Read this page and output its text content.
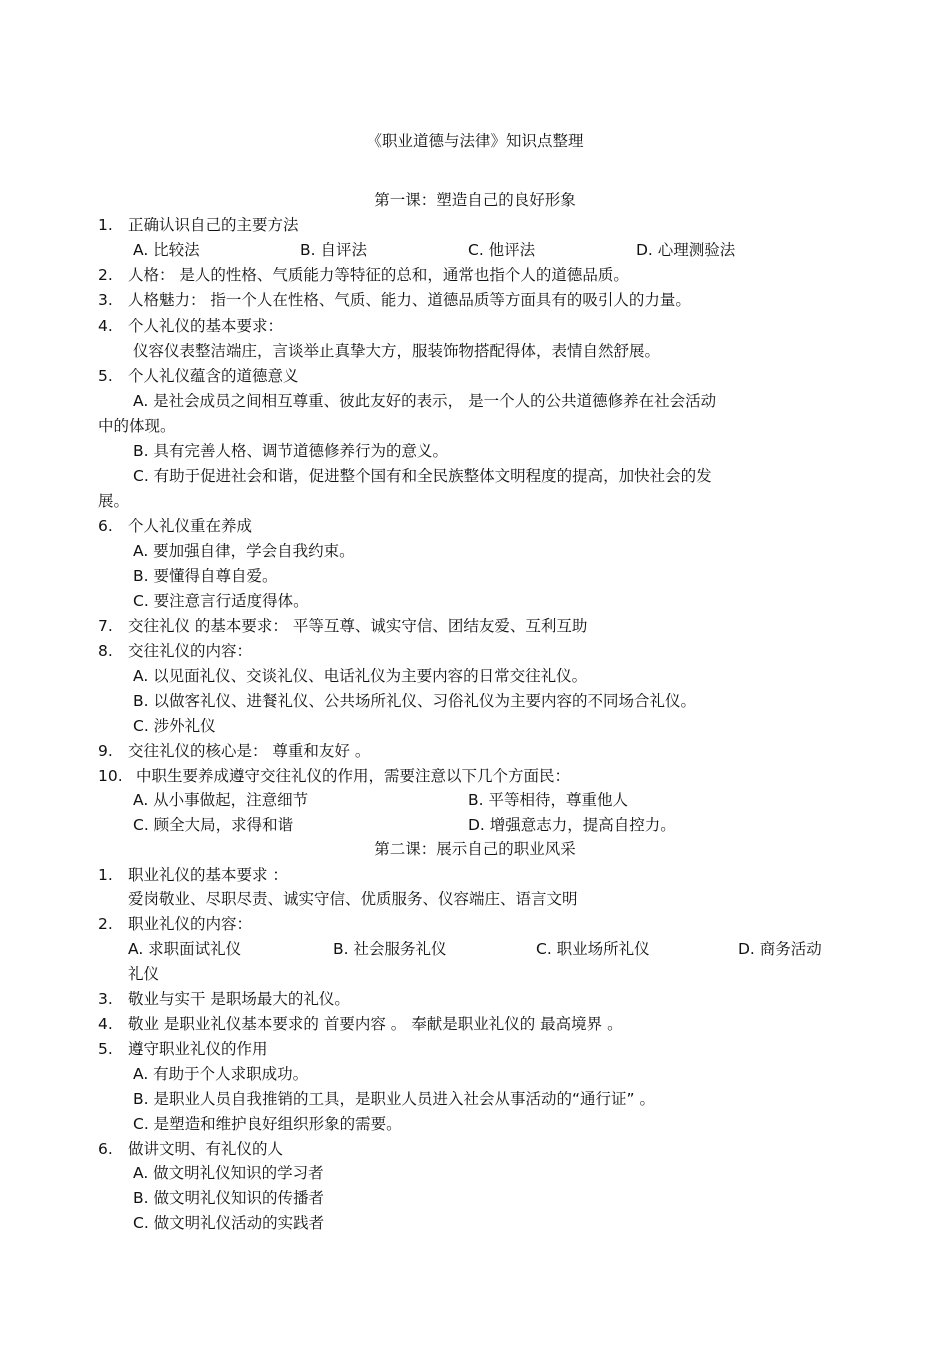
《职业道德与法律》知识点整理
第一课：塑造自己的良好形象
1. 正确认识自己的主要方法
A. 比较法	B. 自评法	C. 他评法	D. 心理测验法
2. 人格： 是人的性格、气质能力等特征的总和，通常也指个人的道德品质。
3. 人格魅力： 指一个人在性格、气质、能力、道德品质等方面具有的吸引人的力量。
4. 个人礼仪的基本要求：
仪容仪表整洁端庄，言谈举止真挚大方，服装饰物搭配得体，表情自然舒展。
5. 个人礼仪蕴含的道德意义
A. 是社会成员之间相互尊重、彼此友好的表示， 是一个人的公共道德修养在社会活动
中的体现。
B. 具有完善人格、调节道德修养行为的意义。
C. 有助于促进社会和谐，促进整个国有和全民族整体文明程度的提高，加快社会的发
展。
6. 个人礼仪重在养成
A. 要加强自律，学会自我约束。
B. 要懂得自尊自爱。
C. 要注意言行适度得体。
7. 交往礼仪 的基本要求： 平等互尊、诚实守信、团结友爱、互利互助
8. 交往礼仪的内容：
A. 以见面礼仪、交谈礼仪、电话礼仪为主要内容的日常交往礼仪。
B. 以做客礼仪、进餐礼仪、公共场所礼仪、习俗礼仪为主要内容的不同场合礼仪。
C. 涉外礼仪
9. 交往礼仪的核心是： 尊重和友好 。
10. 中职生要养成遵守交往礼仪的作用，需要注意以下几个方面民：
A. 从小事做起，注意细节	B. 平等相待，尊重他人
C. 顾全大局，求得和谐	D. 增强意志力，提高自控力。
第二课：展示自己的职业风采
1. 职业礼仪的基本要求 ：
爱岗敬业、尽职尽责、诚实守信、优质服务、仪容端庄、语言文明
2. 职业礼仪的内容：
A. 求职面试礼仪	B. 社会服务礼仪	C. 职业场所礼仪	D. 商务活动
礼仪
3. 敬业与实干 是职场最大的礼仪。
4. 敬业 是职业礼仪基本要求的 首要内容 。 奉献是职业礼仪的 最高境界 。
5. 遵守职业礼仪的作用
A. 有助于个人求职成功。
B. 是职业人员自我推销的工具，是职业人员进入社会从事活动的“通行证” 。
C. 是塑造和维护良好组织形象的需要。
6. 做讲文明、有礼仪的人
A. 做文明礼仪知识的学习者
B. 做文明礼仪知识的传播者
C. 做文明礼仪活动的实践者
